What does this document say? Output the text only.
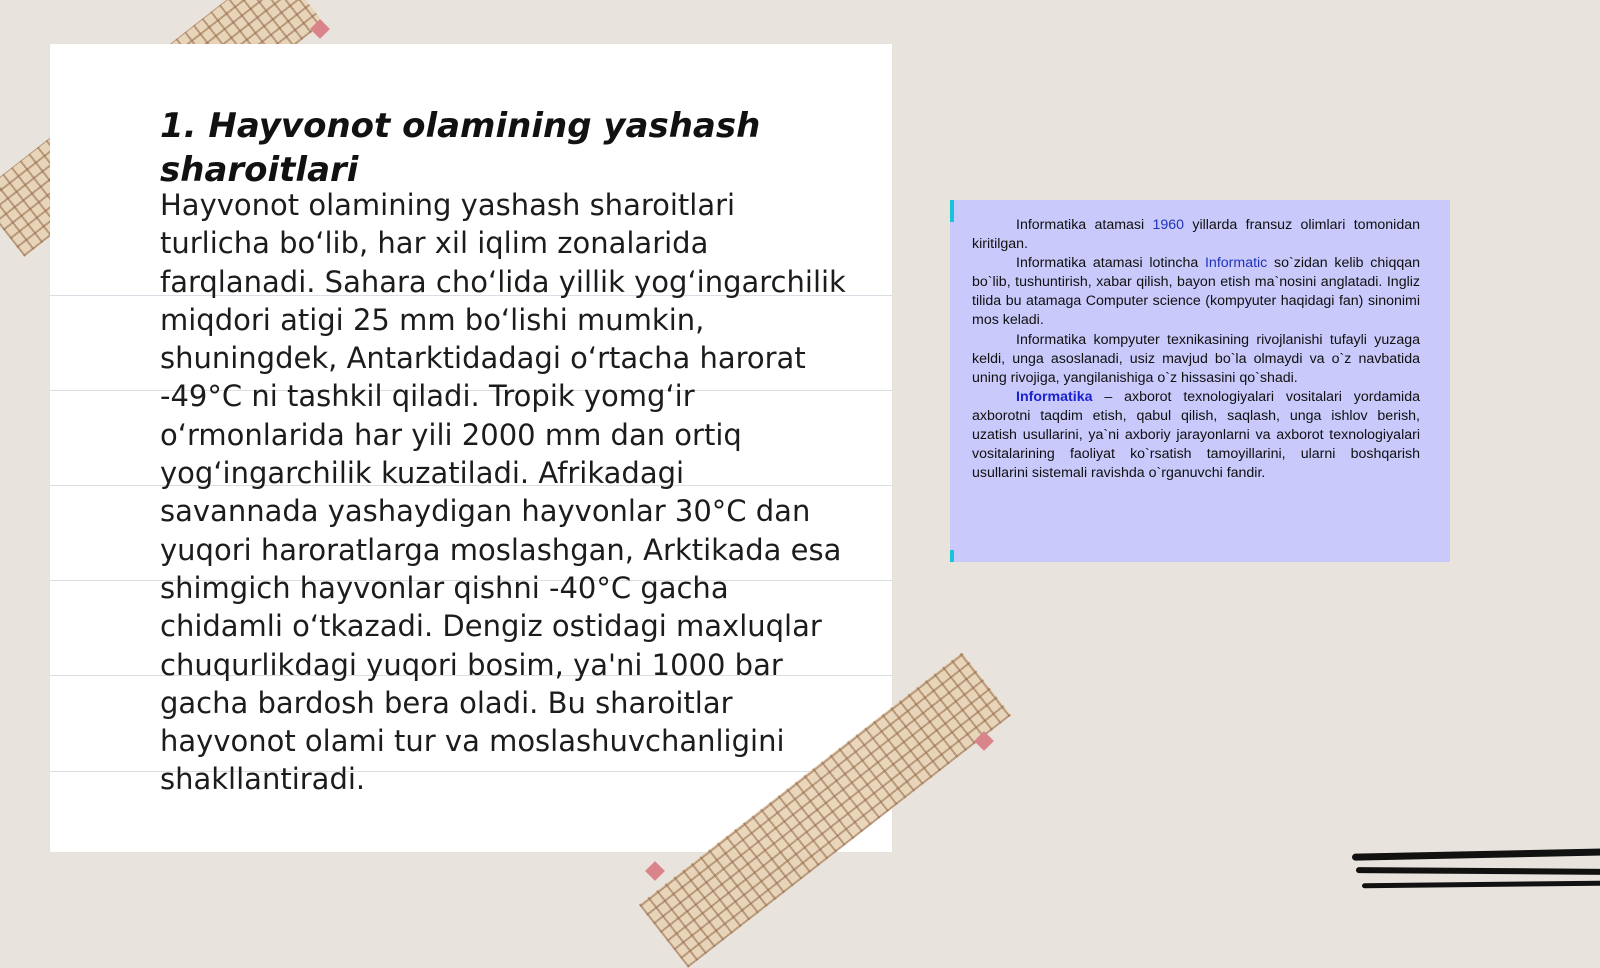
1. Hayvonot olamining yashash sharoitlari

Hayvonot olamining yashash sharoitlari turlicha bo‘lib, har xil iqlim zonalarida farqlanadi. Sahara cho‘lida yillik yog‘ingarchilik miqdori atigi 25 mm bo‘lishi mumkin, shuningdek, Antarktidadagi o‘rtacha harorat -49°C ni tashkil qiladi. Tropik yomg‘ir o‘rmonlarida har yili 2000 mm dan ortiq yog‘ingarchilik kuzatiladi. Afrikadagi savannada yashaydigan hayvonlar 30°C dan yuqori haroratlarga moslashgan, Arktikada esa shimgich hayvonlar qishni -40°C gacha chidamli o‘tkazadi. Dengiz ostidagi maxluqlar chuqurlikdagi yuqori bosim, ya'ni 1000 bar gacha bardosh bera oladi. Bu sharoitlar hayvonot olami tur va moslashuvchanligini shakllantiradi.

Informatika atamasi 1960 yillarda fransuz olimlari tomonidan kiritilgan.

Informatika atamasi lotincha Informatic so`zidan kelib chiqqan bo`lib, tushuntirish, xabar qilish, bayon etish ma`nosini anglatadi. Ingliz tilida bu atamaga Computer science (kompyuter haqidagi fan) sinonimi mos keladi.

Informatika kompyuter texnikasining rivojlanishi tufayli yuzaga keldi, unga asoslanadi, usiz mavjud bo`la olmaydi va o`z navbatida uning rivojiga, yangilanishiga o`z hissasini qo`shadi.

Informatika – axborot texnologiyalari vositalari yordamida axborotni taqdim etish, qabul qilish, saqlash, unga ishlov berish, uzatish usullarini, ya`ni axboriy jarayonlarni va axborot texnologiyalari vositalarining faoliyat ko`rsatish tamoyillarini, ularni boshqarish usullarini sistemali ravishda o`rganuvchi fandir.
